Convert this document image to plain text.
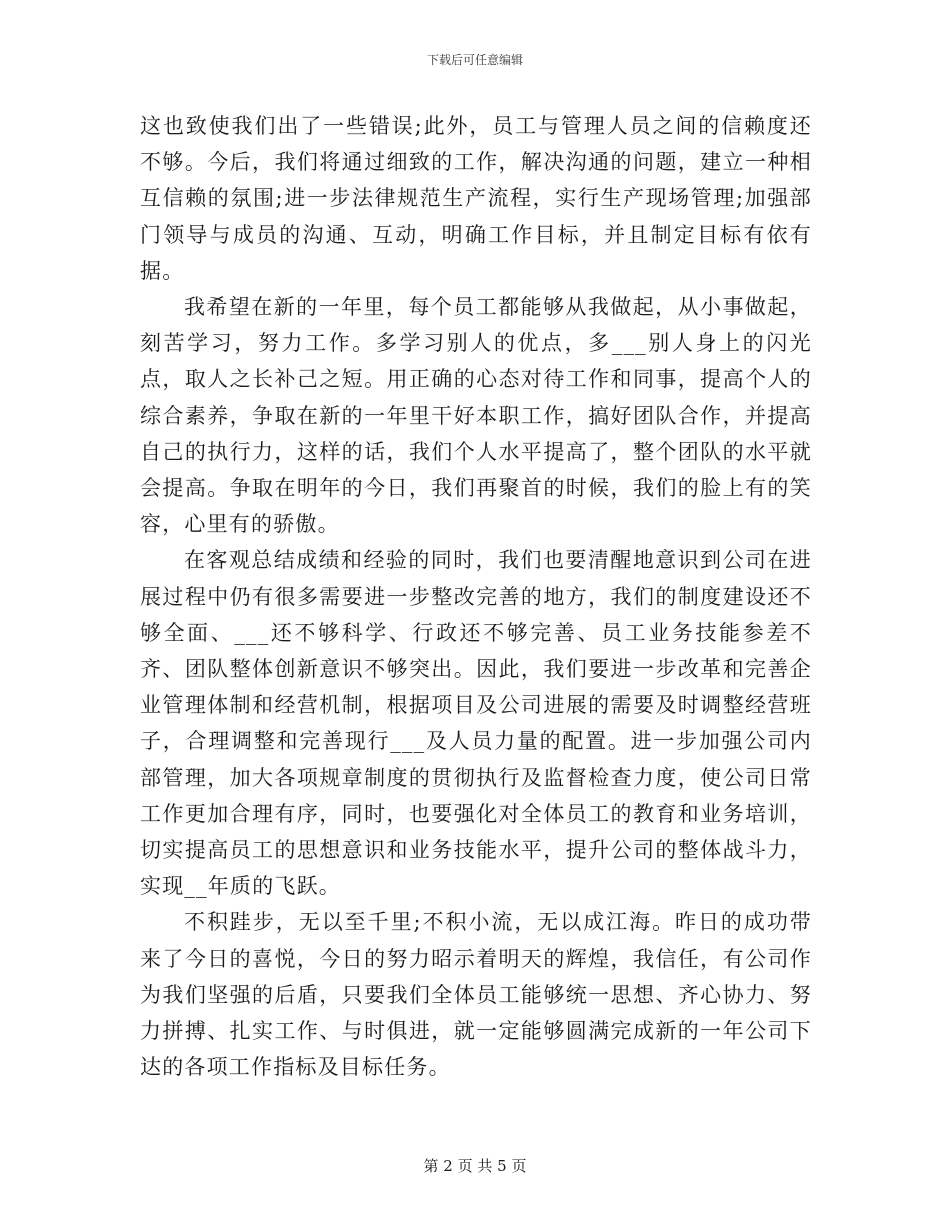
下载后可任意编辑

这也致使我们出了一些错误;此外，员工与管理人员之间的信赖度还不够。今后，我们将通过细致的工作，解决沟通的问题，建立一种相互信赖的氛围;进一步法律规范生产流程，实行生产现场管理;加强部门领导与成员的沟通、互动，明确工作目标，并且制定目标有依有据。

我希望在新的一年里，每个员工都能够从我做起，从小事做起，刻苦学习，努力工作。多学习别人的优点，多___别人身上的闪光点，取人之长补己之短。用正确的心态对待工作和同事，提高个人的综合素养，争取在新的一年里干好本职工作，搞好团队合作，并提高自己的执行力，这样的话，我们个人水平提高了，整个团队的水平就会提高。争取在明年的今日，我们再聚首的时候，我们的脸上有的笑容，心里有的骄傲。

在客观总结成绩和经验的同时，我们也要清醒地意识到公司在进展过程中仍有很多需要进一步整改完善的地方，我们的制度建设还不够全面、___还不够科学、行政还不够完善、员工业务技能参差不齐、团队整体创新意识不够突出。因此，我们要进一步改革和完善企业管理体制和经营机制，根据项目及公司进展的需要及时调整经营班子，合理调整和完善现行___及人员力量的配置。进一步加强公司内部管理，加大各项规章制度的贯彻执行及监督检查力度，使公司日常工作更加合理有序，同时，也要强化对全体员工的教育和业务培训，切实提高员工的思想意识和业务技能水平，提升公司的整体战斗力，实现__年质的飞跃。

不积跬步，无以至千里;不积小流，无以成江海。昨日的成功带来了今日的喜悦，今日的努力昭示着明天的辉煌，我信任，有公司作为我们坚强的后盾，只要我们全体员工能够统一思想、齐心协力、努力拼搏、扎实工作、与时俱进，就一定能够圆满完成新的一年公司下达的各项工作指标及目标任务。

第 2 页 共 5 页
